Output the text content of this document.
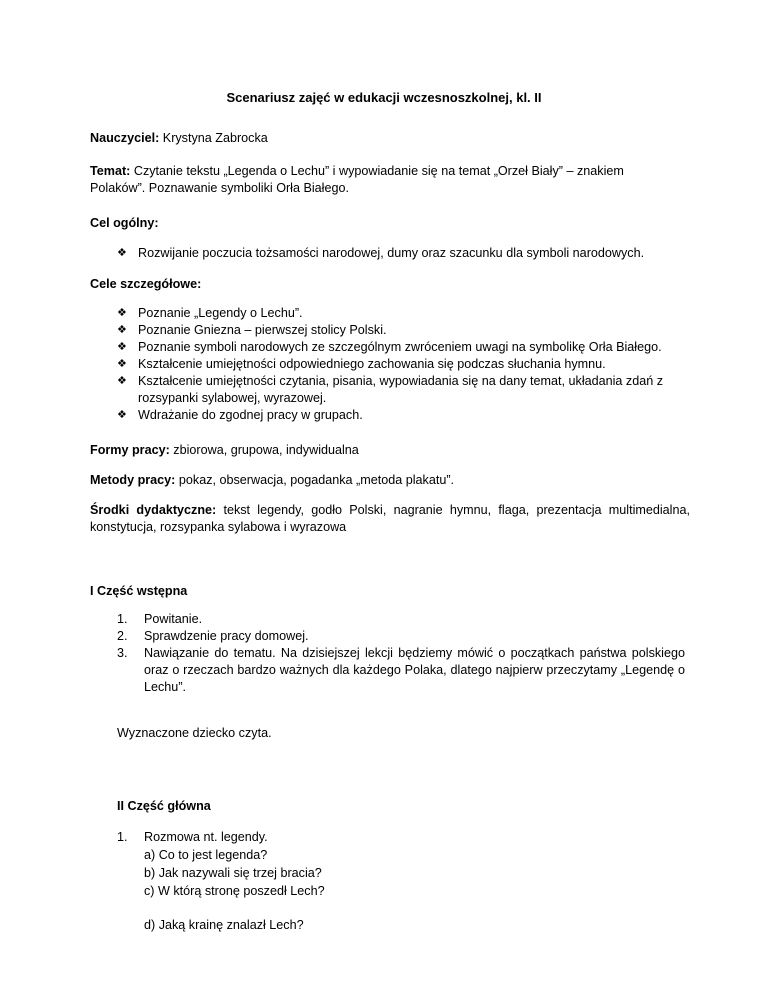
Scenariusz zajęć w edukacji wczesnoszkolnej, kl. II
Nauczyciel: Krystyna Zabrocka
Temat: Czytanie tekstu „Legenda o Lechu” i wypowiadanie się na temat „Orzeł Biały” – znakiem
Polaków”. Poznawanie symboliki Orła Białego.
Cel ogólny:
❖ Rozwijanie poczucia tożsamości narodowej, dumy oraz szacunku dla symboli narodowych.
Cele szczegółowe:
❖ Poznanie „Legendy o Lechu”.
❖ Poznanie Gniezna – pierwszej stolicy Polski.
❖ Poznanie symboli narodowych ze szczególnym zwróceniem uwagi na symbolikę Orła Białego.
❖ Kształcenie umiejętności odpowiedniego zachowania się podczas słuchania hymnu.
❖ Kształcenie umiejętności czytania, pisania, wypowiadania się na dany temat, układania zdań z rozsypanki sylabowej, wyrazowej.
❖ Wdrażanie do zgodnej pracy w grupach.
Formy pracy: zbiorowa, grupowa, indywidualna
Metody pracy: pokaz, obserwacja, pogadanka „metoda plakatu”.
Środki dydaktyczne: tekst legendy, godło Polski, nagranie hymnu, flaga, prezentacja multimedialna, konstytucja, rozsypanka sylabowa i wyrazowa
I Część wstępna
1. Powitanie.
2. Sprawdzenie pracy domowej.
3. Nawiązanie do tematu. Na dzisiejszej lekcji będziemy mówić o początkach państwa polskiego oraz o rzeczach bardzo ważnych dla każdego Polaka, dlatego najpierw przeczytamy „Legendę o Lechu”.
Wyznaczone dziecko czyta.
II Część główna
1. Rozmowa nt. legendy.
a) Co to jest legenda?
b) Jak nazywali się trzej bracia?
c) W którą stronę poszedł Lech?
d) Jaką krainę znalazł Lech?
